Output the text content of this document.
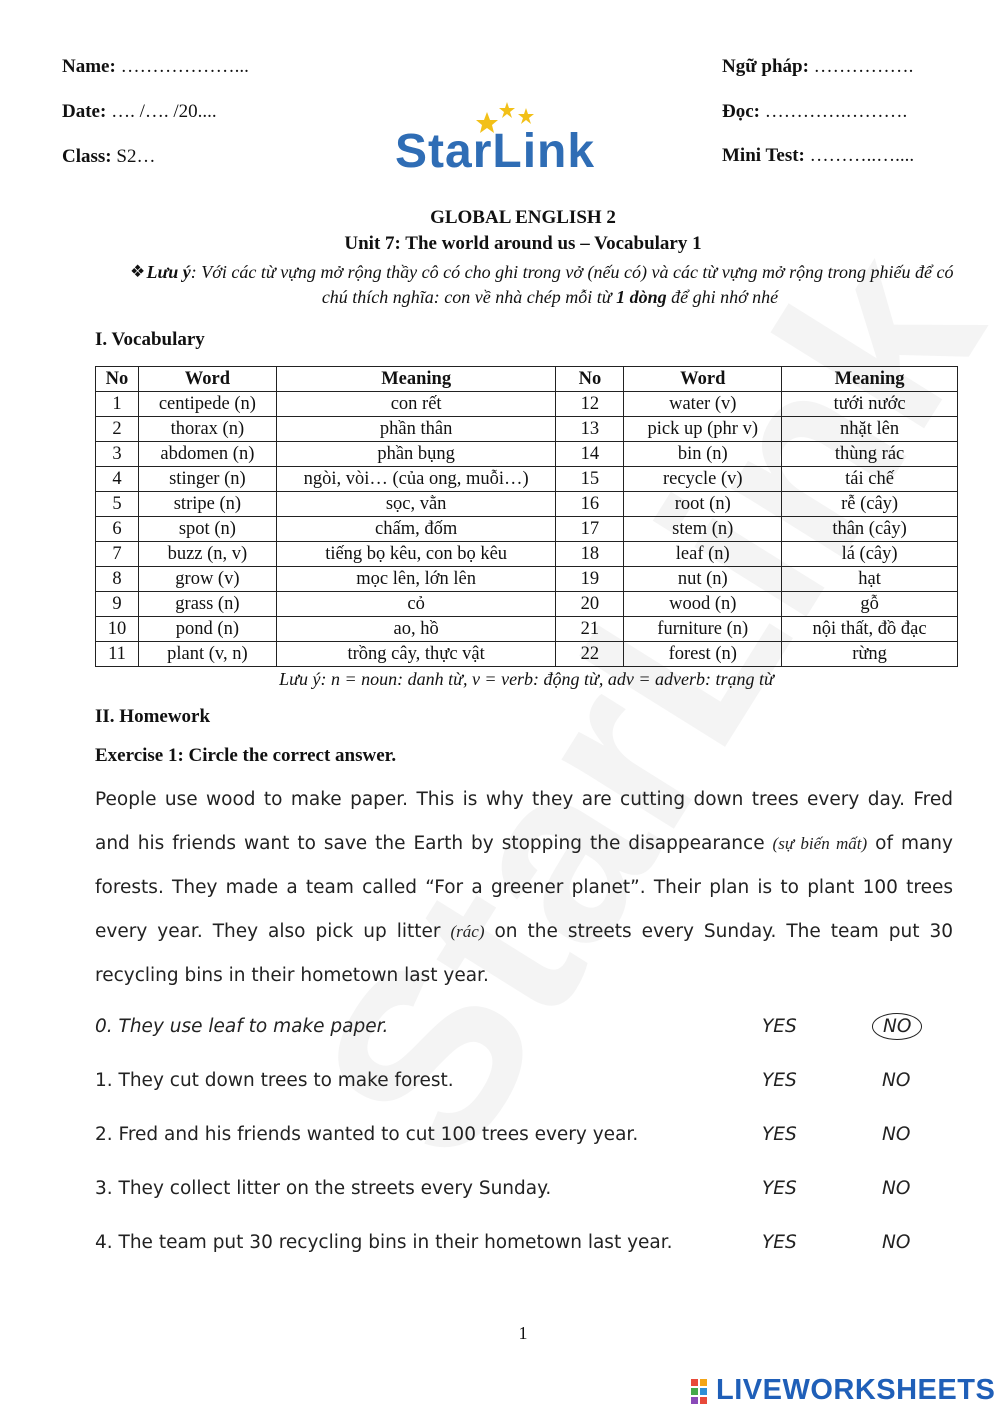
Name: ………………...
Date: …. /…. /20....
Class: S2…	StarLink
Ngữ pháp: …………….
Đọc: ………….……….
Mini Test: ………..…....
GLOBAL ENGLISH 2
Unit 7: The world around us – Vocabulary 1
❖ Lưu ý: Với các từ vựng mở rộng thầy cô có cho ghi trong vở (nếu có) và các từ vựng mở rộng trong phiếu để có chú thích nghĩa: con về nhà chép mỗi từ 1 dòng để ghi nhớ nhé
I. Vocabulary
No	Word	Meaning	No	Word	Meaning
1	centipede (n)	con rết	12	water (v)	tưới nước
2	thorax (n)	phần thân	13	pick up (phr v)	nhặt lên
3	abdomen (n)	phần bụng	14	bin (n)	thùng rác
4	stinger (n)	ngòi, vòi… (của ong, muỗi…)	15	recycle (v)	tái chế
5	stripe (n)	sọc, vằn	16	root (n)	rễ (cây)
6	spot (n)	chấm, đốm	17	stem (n)	thân (cây)
7	buzz (n, v)	tiếng bọ kêu, con bọ kêu	18	leaf (n)	lá (cây)
8	grow (v)	mọc lên, lớn lên	19	nut (n)	hạt
9	grass (n)	cỏ	20	wood (n)	gỗ
10	pond (n)	ao, hồ	21	furniture (n)	nội thất, đồ đạc
11	plant (v, n)	trồng cây, thực vật	22	forest (n)	rừng
Lưu ý: n = noun: danh từ, v = verb: động từ, adv = adverb: trạng từ
II. Homework
Exercise 1: Circle the correct answer.
People use wood to make paper. This is why they are cutting down trees every day. Fred and his friends want to save the Earth by stopping the disappearance (sự biến mất) of many forests. They made a team called “For a greener planet”. Their plan is to plant 100 trees every year. They also pick up litter (rác) on the streets every Sunday. The team put 30 recycling bins in their hometown last year.
0. They use leaf to make paper.	YES	NO
1. They cut down trees to make forest.	YES	NO
2. Fred and his friends wanted to cut 100 trees every year.	YES	NO
3. They collect litter on the streets every Sunday.	YES	NO
4. The team put 30 recycling bins in their hometown last year.	YES	NO
1
LIVEWORKSHEETS
